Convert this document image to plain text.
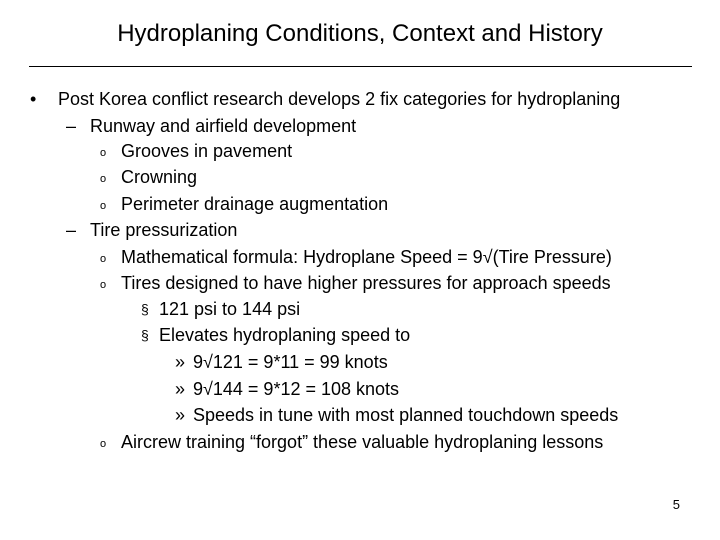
Hydroplaning Conditions, Context and History
• Post Korea conflict research develops 2 fix categories for hydroplaning
– Runway and airfield development
o Grooves in pavement
o Crowning
o Perimeter drainage augmentation
– Tire pressurization
o Mathematical formula: Hydroplane Speed = 9√(Tire Pressure)
o Tires designed to have higher pressures for approach speeds
§ 121 psi to 144 psi
§ Elevates hydroplaning speed to
» 9√121 = 9*11 = 99 knots
» 9√144 = 9*12 = 108 knots
» Speeds in tune with most planned touchdown speeds
o Aircrew training “forgot” these valuable hydroplaning lessons
5
